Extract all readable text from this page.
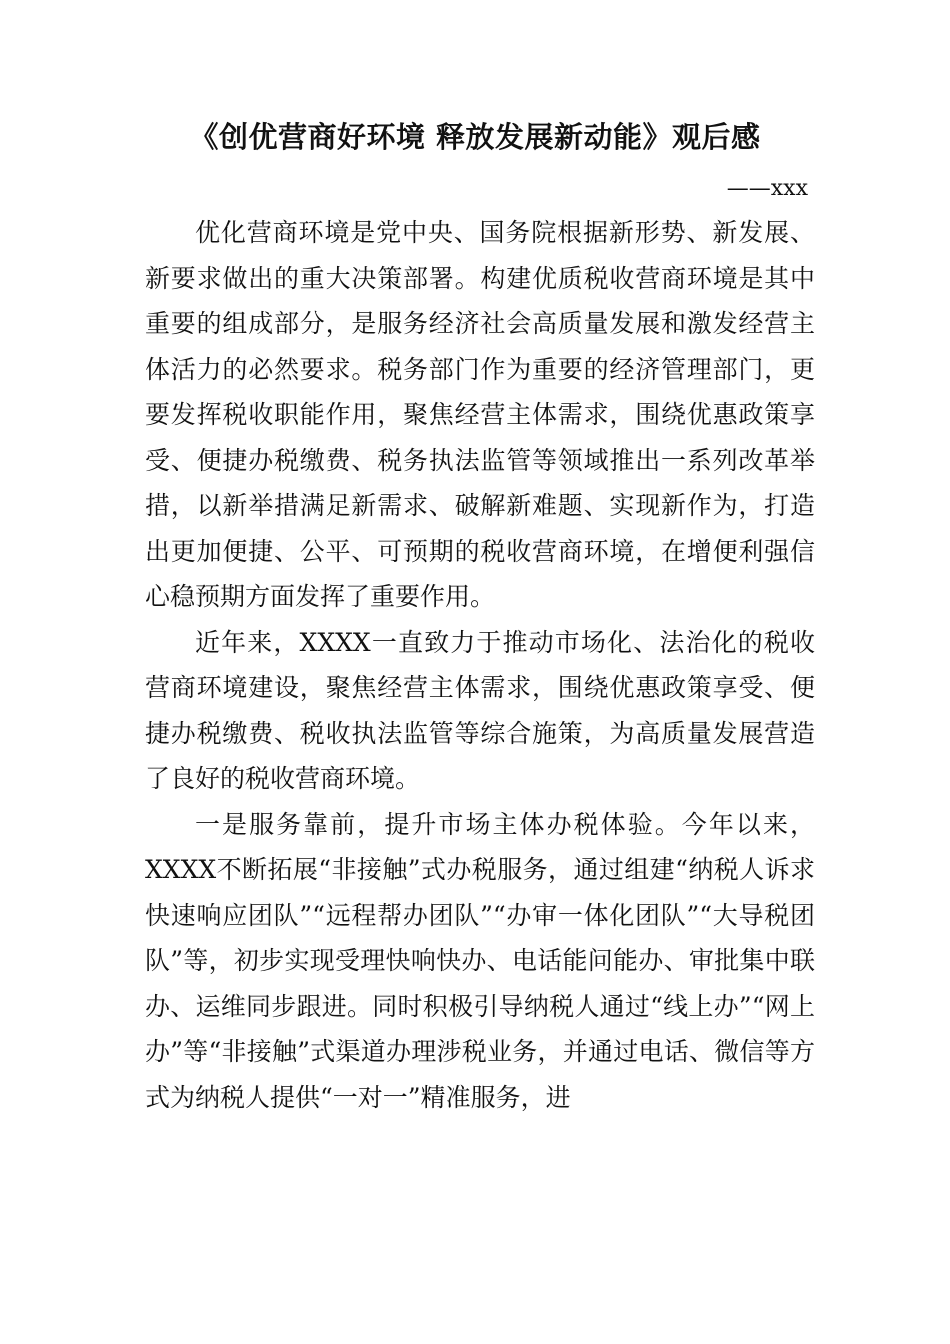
《创优营商好环境 释放发展新动能》观后感
——xxx

优化营商环境是党中央、国务院根据新形势、新发展、新要求做出的重大决策部署。构建优质税收营商环境是其中重要的组成部分，是服务经济社会高质量发展和激发经营主体活力的必然要求。税务部门作为重要的经济管理部门，更要发挥税收职能作用，聚焦经营主体需求，围绕优惠政策享受、便捷办税缴费、税务执法监管等领域推出一系列改革举措，以新举措满足新需求、破解新难题、实现新作为，打造出更加便捷、公平、可预期的税收营商环境，在增便利强信心稳预期方面发挥了重要作用。

近年来，XXXX一直致力于推动市场化、法治化的税收营商环境建设，聚焦经营主体需求，围绕优惠政策享受、便捷办税缴费、税收执法监管等综合施策，为高质量发展营造了良好的税收营商环境。

一是服务靠前，提升市场主体办税体验。今年以来，XXXX不断拓展“非接触”式办税服务，通过组建“纳税人诉求快速响应团队”“远程帮办团队”“办审一体化团队”“大导税团队”等，初步实现受理快响快办、电话能问能办、审批集中联办、运维同步跟进。同时积极引导纳税人通过“线上办”“网上办”等“非接触”式渠道办理涉税业务，并通过电话、微信等方式为纳税人提供“一对一”精准服务，进
